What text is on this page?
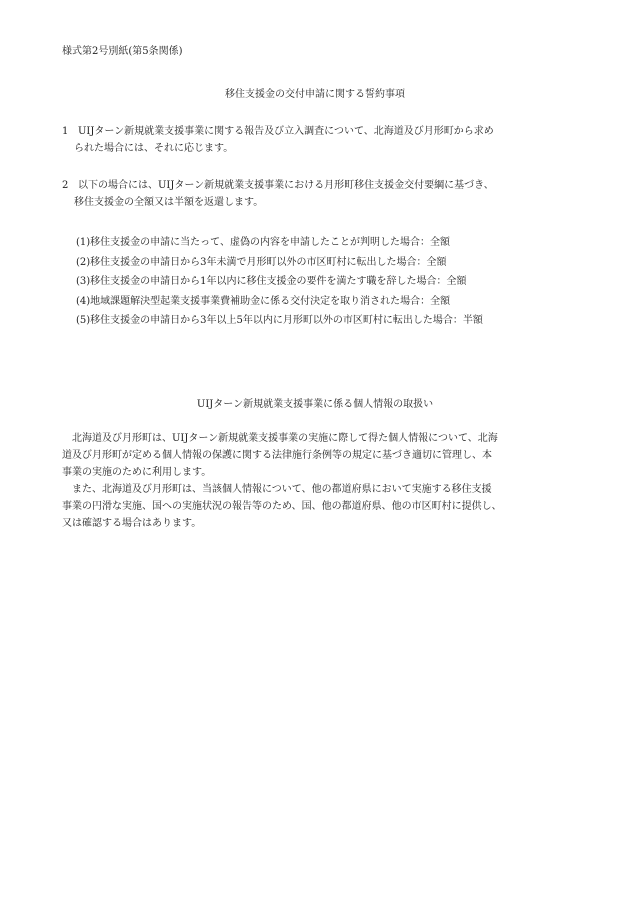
様式第2号別紙(第5条関係)
移住支援金の交付申請に関する誓約事項
1 UIJターン新規就業支援事業に関する報告及び立入調査について、北海道及び月形町から求め
られた場合には、それに応じます。
2 以下の場合には、UIJターン新規就業支援事業における月形町移住支援金交付要綱に基づき、
移住支援金の全額又は半額を返還します。
(1)移住支援金の申請に当たって、虚偽の内容を申請したことが判明した場合：全額
(2)移住支援金の申請日から3年未満で月形町以外の市区町村に転出した場合：全額
(3)移住支援金の申請日から1年以内に移住支援金の要件を満たす職を辞した場合：全額
(4)地域課題解決型起業支援事業費補助金に係る交付決定を取り消された場合：全額
(5)移住支援金の申請日から3年以上5年以内に月形町以外の市区町村に転出した場合：半額
UIJターン新規就業支援事業に係る個人情報の取扱い
　北海道及び月形町は、UIJターン新規就業支援事業の実施に際して得た個人情報について、北海
道及び月形町が定める個人情報の保護に関する法律施行条例等の規定に基づき適切に管理し、本
事業の実施のために利用します。
　また、北海道及び月形町は、当該個人情報について、他の都道府県において実施する移住支援
事業の円滑な実施、国への実施状況の報告等のため、国、他の都道府県、他の市区町村に提供し、
又は確認する場合はあります。
